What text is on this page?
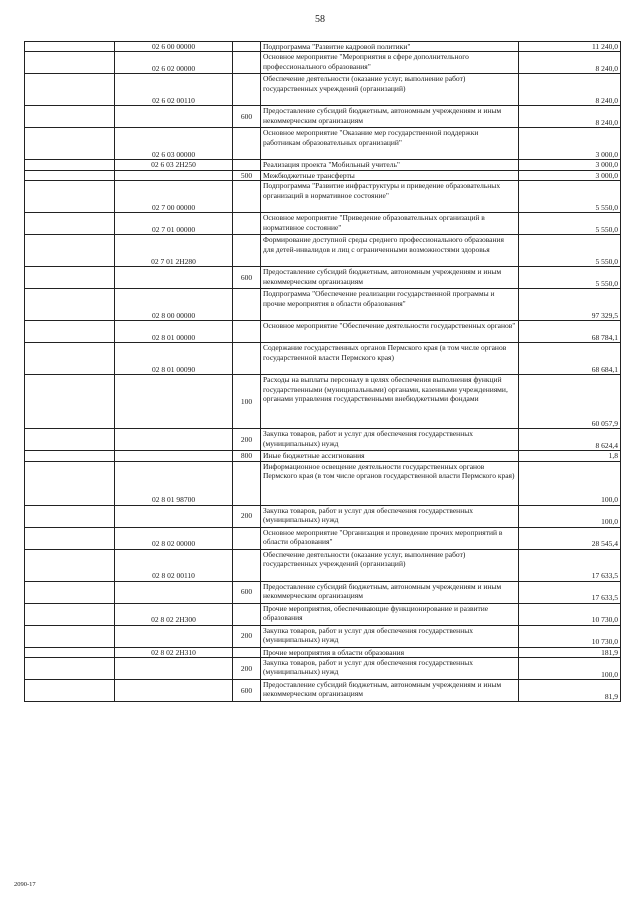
58
	02 6 00 00000		Подпрограмма "Развитие кадровой политики"	11 240,0
	02 6 02 00000		Основное мероприятие "Мероприятия в сфере дополнительного профессионального образования"	8 240,0
	02 6 02 00110		Обеспечение деятельности (оказание услуг, выполнение работ) государственных учреждений (организаций)	8 240,0
		600	Предоставление субсидий бюджетным, автономным учреждениям и иным некоммерческим организациям	8 240,0
	02 6 03 00000		Основное мероприятие "Оказание мер государственной поддержки работникам образовательных организаций"	3 000,0
	02 6 03 2Н250		Реализация проекта "Мобильный учитель"	3 000,0
		500	Межбюджетные трансферты	3 000,0
	02 7 00 00000		Подпрограмма "Развитие инфраструктуры и приведение образовательных организаций в нормативное состояние"	5 550,0
	02 7 01 00000		Основное мероприятие "Приведение образовательных организаций в нормативное состояние"	5 550,0
	02 7 01 2Н280		Формирование доступной среды среднего профессионального образования для детей-инвалидов и лиц с ограниченными возможностями здоровья	5 550,0
		600	Предоставление субсидий бюджетным, автономным учреждениям и иным некоммерческим организациям	5 550,0
	02 8 00 00000		Подпрограмма "Обеспечение реализации государственной программы и прочие мероприятия в области образования"	97 329,5
	02 8 01 00000		Основное мероприятие "Обеспечение деятельности государственных органов"	68 784,1
	02 8 01 00090		Содержание государственных органов Пермского края (в том числе органов государственной власти Пермского края)	68 684,1
		100	Расходы на выплаты персоналу в целях обеспечения выполнения функций государственными (муниципальными) органами, казенными учреждениями, органами управления государственными внебюджетными фондами	60 057,9
		200	Закупка товаров, работ и услуг для обеспечения государственных (муниципальных) нужд	8 624,4
		800	Иные бюджетные ассигнования	1,8
	02 8 01 98700		Информационное освещение деятельности государственных органов Пермского края (в том числе органов государственной власти Пермского края)	100,0
		200	Закупка товаров, работ и услуг для обеспечения государственных (муниципальных) нужд	100,0
	02 8 02 00000		Основное мероприятие "Организация и проведение прочих мероприятий в области образования"	28 545,4
	02 8 02 00110		Обеспечение деятельности (оказание услуг, выполнение работ) государственных учреждений (организаций)	17 633,5
		600	Предоставление субсидий бюджетным, автономным учреждениям и иным некоммерческим организациям	17 633,5
	02 8 02 2Н300		Прочие мероприятия, обеспечивающие функционирование и развитие образования	10 730,0
		200	Закупка товаров, работ и услуг для обеспечения государственных (муниципальных) нужд	10 730,0
	02 8 02 2Н310		Прочие мероприятия в области образования	181,9
		200	Закупка товаров, работ и услуг для обеспечения государственных (муниципальных) нужд	100,0
		600	Предоставление субсидий бюджетным, автономным учреждениям и иным некоммерческим организациям	81,9
2090-17
